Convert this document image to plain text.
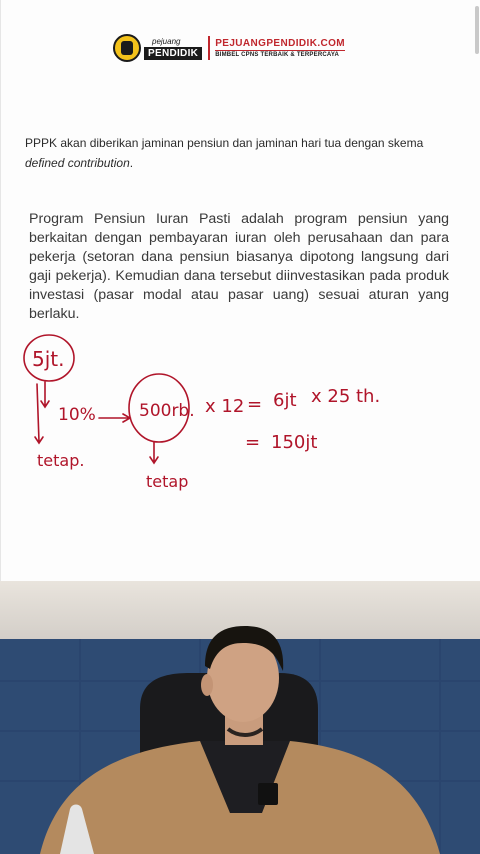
pejuang
PENDIDIK
PEJUANGPENDIDIK.COM
BIMBEL CPNS TERBAIK & TERPERCAYA
PPPK akan diberikan jaminan pensiun dan jaminan hari tua dengan skema defined contribution.
Program Pensiun Iuran Pasti adalah program pensiun yang berkaitan dengan pembayaran iuran oleh perusahaan dan para pekerja (setoran dana pensiun biasanya dipotong langsung dari gaji pekerja). Kemudian dana tersebut diinvestasikan pada produk investasi (pasar modal atau pasar uang) sesuai aturan yang berlaku.
5jt.
10%
tetap.
500rb.
tetap
x 12 = 6jt x 25 th.
= 150jt
